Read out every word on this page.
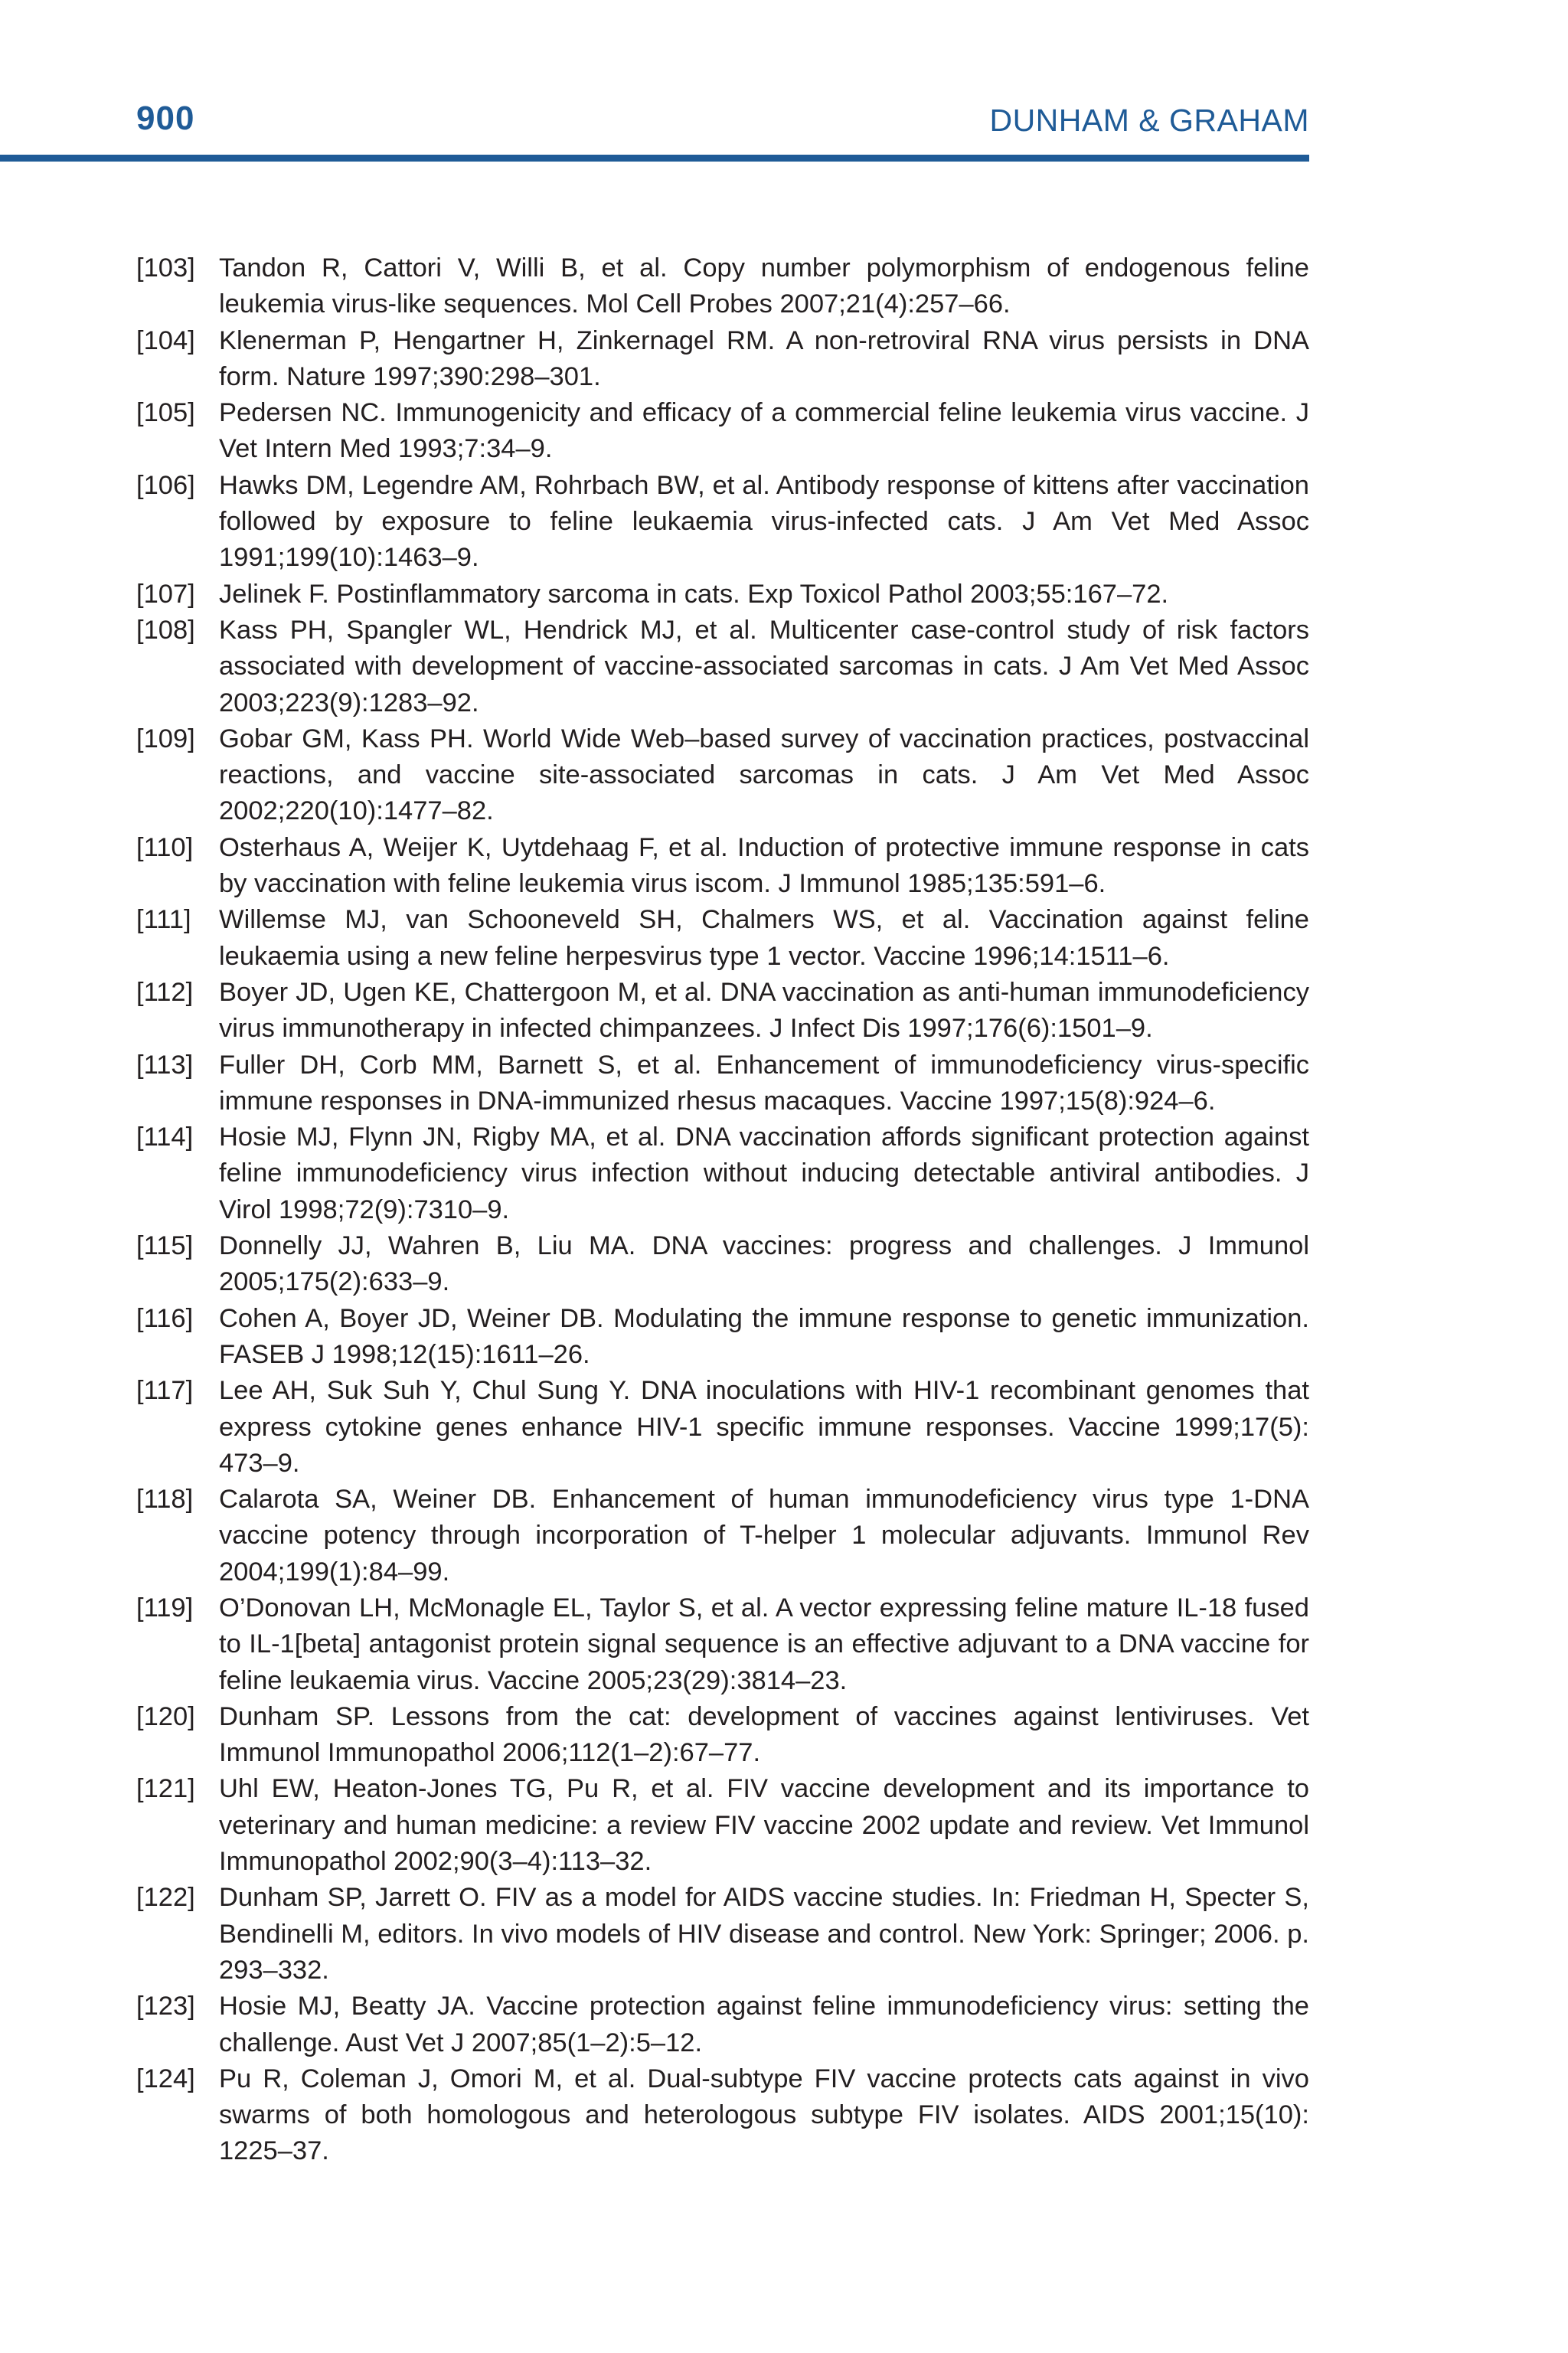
900	DUNHAM & GRAHAM
[103] Tandon R, Cattori V, Willi B, et al. Copy number polymorphism of endogenous feline leukemia virus-like sequences. Mol Cell Probes 2007;21(4):257–66.
[104] Klenerman P, Hengartner H, Zinkernagel RM. A non-retroviral RNA virus persists in DNA form. Nature 1997;390:298–301.
[105] Pedersen NC. Immunogenicity and efficacy of a commercial feline leukemia virus vaccine. J Vet Intern Med 1993;7:34–9.
[106] Hawks DM, Legendre AM, Rohrbach BW, et al. Antibody response of kittens after vaccination followed by exposure to feline leukaemia virus-infected cats. J Am Vet Med Assoc 1991;199(10):1463–9.
[107] Jelinek F. Postinflammatory sarcoma in cats. Exp Toxicol Pathol 2003;55:167–72.
[108] Kass PH, Spangler WL, Hendrick MJ, et al. Multicenter case-control study of risk factors associated with development of vaccine-associated sarcomas in cats. J Am Vet Med Assoc 2003;223(9):1283–92.
[109] Gobar GM, Kass PH. World Wide Web–based survey of vaccination practices, postvaccinal reactions, and vaccine site-associated sarcomas in cats. J Am Vet Med Assoc 2002;220(10):1477–82.
[110] Osterhaus A, Weijer K, Uytdehaag F, et al. Induction of protective immune response in cats by vaccination with feline leukemia virus iscom. J Immunol 1985;135:591–6.
[111] Willemse MJ, van Schooneveld SH, Chalmers WS, et al. Vaccination against feline leukaemia using a new feline herpesvirus type 1 vector. Vaccine 1996;14:1511–6.
[112] Boyer JD, Ugen KE, Chattergoon M, et al. DNA vaccination as anti-human immunodeficiency virus immunotherapy in infected chimpanzees. J Infect Dis 1997;176(6):1501–9.
[113] Fuller DH, Corb MM, Barnett S, et al. Enhancement of immunodeficiency virus-specific immune responses in DNA-immunized rhesus macaques. Vaccine 1997;15(8):924–6.
[114] Hosie MJ, Flynn JN, Rigby MA, et al. DNA vaccination affords significant protection against feline immunodeficiency virus infection without inducing detectable antiviral antibodies. J Virol 1998;72(9):7310–9.
[115] Donnelly JJ, Wahren B, Liu MA. DNA vaccines: progress and challenges. J Immunol 2005;175(2):633–9.
[116] Cohen A, Boyer JD, Weiner DB. Modulating the immune response to genetic immunization. FASEB J 1998;12(15):1611–26.
[117] Lee AH, Suk Suh Y, Chul Sung Y. DNA inoculations with HIV-1 recombinant genomes that express cytokine genes enhance HIV-1 specific immune responses. Vaccine 1999;17(5): 473–9.
[118] Calarota SA, Weiner DB. Enhancement of human immunodeficiency virus type 1-DNA vaccine potency through incorporation of T-helper 1 molecular adjuvants. Immunol Rev 2004;199(1):84–99.
[119] O’Donovan LH, McMonagle EL, Taylor S, et al. A vector expressing feline mature IL-18 fused to IL-1[beta] antagonist protein signal sequence is an effective adjuvant to a DNA vaccine for feline leukaemia virus. Vaccine 2005;23(29):3814–23.
[120] Dunham SP. Lessons from the cat: development of vaccines against lentiviruses. Vet Immunol Immunopathol 2006;112(1–2):67–77.
[121] Uhl EW, Heaton-Jones TG, Pu R, et al. FIV vaccine development and its importance to veterinary and human medicine: a review FIV vaccine 2002 update and review. Vet Immunol Immunopathol 2002;90(3–4):113–32.
[122] Dunham SP, Jarrett O. FIV as a model for AIDS vaccine studies. In: Friedman H, Specter S, Bendinelli M, editors. In vivo models of HIV disease and control. New York: Springer; 2006. p. 293–332.
[123] Hosie MJ, Beatty JA. Vaccine protection against feline immunodeficiency virus: setting the challenge. Aust Vet J 2007;85(1–2):5–12.
[124] Pu R, Coleman J, Omori M, et al. Dual-subtype FIV vaccine protects cats against in vivo swarms of both homologous and heterologous subtype FIV isolates. AIDS 2001;15(10): 1225–37.
